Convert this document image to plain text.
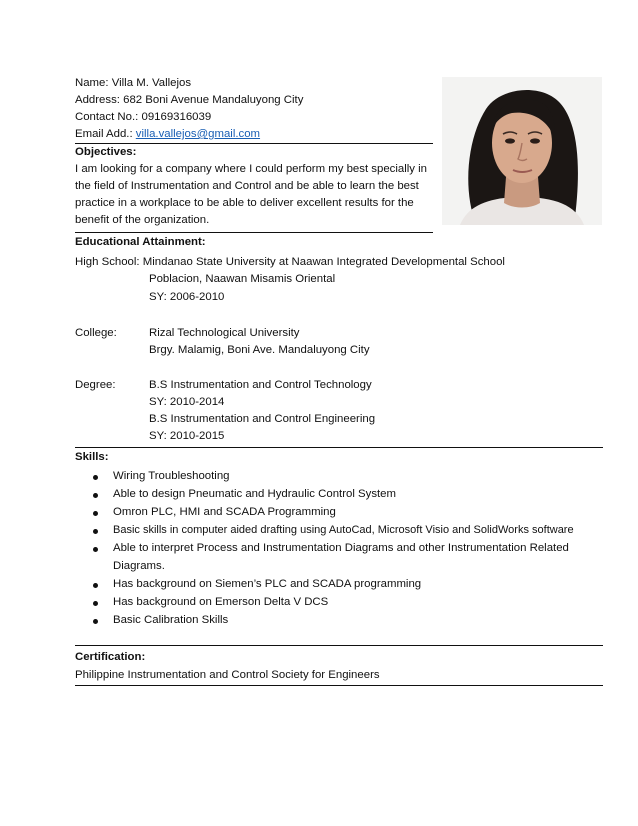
Name: Villa M. Vallejos
Address: 682 Boni Avenue Mandaluyong City
Contact No.: 09169316039
Email Add.: villa.vallejos@gmail.com
Objectives:
I am looking for a company where I could perform my best specially in
the field of Instrumentation and Control and be able to learn the best
practice in a workplace to be able to deliver excellent results for the
benefit of the organization.
Educational Attainment:
High School: Mindanao State University at Naawan Integrated Developmental School
Poblacion, Naawan Misamis Oriental
SY: 2006-2010
College:	Rizal Technological University
Brgy. Malamig, Boni Ave. Mandaluyong City
Degree:	B.S Instrumentation and Control Technology
SY: 2010-2014
B.S Instrumentation and Control Engineering
SY: 2010-2015
Skills:
Wiring Troubleshooting
Able to design Pneumatic and Hydraulic Control System
Omron PLC, HMI and SCADA Programming
Basic skills in computer aided drafting using AutoCad, Microsoft Visio and SolidWorks software
Able to interpret Process and Instrumentation Diagrams and other Instrumentation Related
Diagrams.
Has background on Siemen’s PLC and SCADA programming
Has background on Emerson Delta V DCS
Basic Calibration Skills
Certification:
Philippine Instrumentation and Control Society for Engineers
